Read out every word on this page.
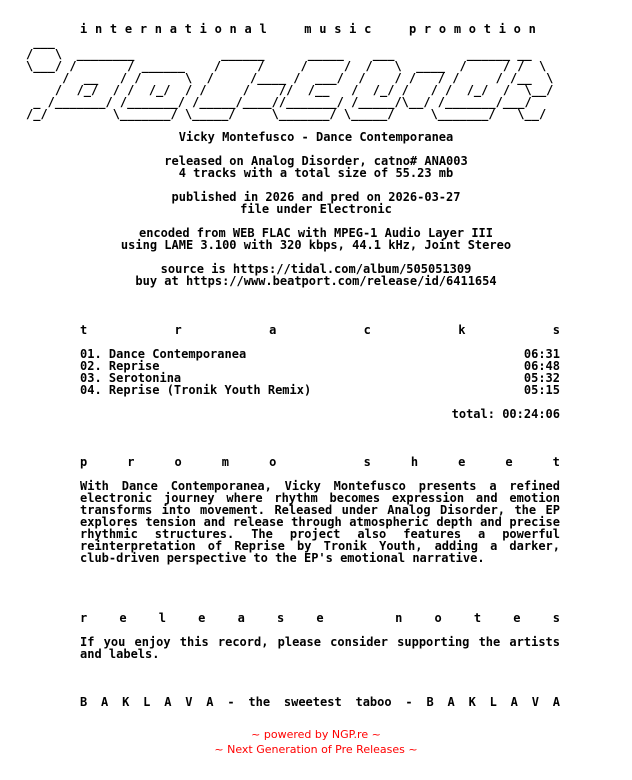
i n t e r n a t i o n a l

	m u s i c

	p r o m o t i o n
___
/   \  ________            ______      _____    ___          ______ __
\___/ /       / ______    /     /     /     /  /   \  ____  /     / /  \
/  __   / /      \  /     /____ /  ___/  /    / /   / /     / /__  \
/  /_/  / /  /_/  / /     /    //  /__   /  /_/ /   / /  /_/  /  \__/
_ /_______/ /_______/ /_____/____//_______/ /_____/\__/ /_______/___/
/_/         \_______/ \_____/     \_______/ \_____/     \_______/   \__/
Vicky Montefusco - Dance Contemporanea
released on Analog Disorder, catno# ANA003
4 tracks with a total size of 55.23 mb
published in 2026 and pred on 2026-03-27
file under Electronic
encoded from WEB FLAC with MPEG-1 Audio Layer III
using LAME 3.100 with 320 kbps, 44.1 kHz, Joint Stereo
source is https://tidal.com/album/505051309
buy at https://www.beatport.com/release/id/6411654
t	r	a	c	k	s
01. Dance Contemporanea	06:31
02. Reprise	06:48
03. Serotonina	05:32
04. Reprise (Tronik Youth Remix)	05:15
total: 00:24:06
p	r	o	m	o
	s	h	e	e	t
With Dance Contemporanea, Vicky Montefusco presents a refined electronic journey where rhythm becomes expression and emotion transforms into movement. Released under Analog Disorder, the EP explores tension and release through atmospheric depth and precise rhythmic structures. The project also features a powerful reinterpretation of Reprise by Tronik Youth, adding a darker, club-driven perspective to the EP's emotional narrative.
r	e	l	e	a	s	e
	n	o	t	e	s
If you enjoy this record, please consider supporting the artists and labels.
B A K L A V A - the sweetest taboo - B A K L A V A
~ powered by NGP.re ~
~ Next Generation of Pre Releases ~
